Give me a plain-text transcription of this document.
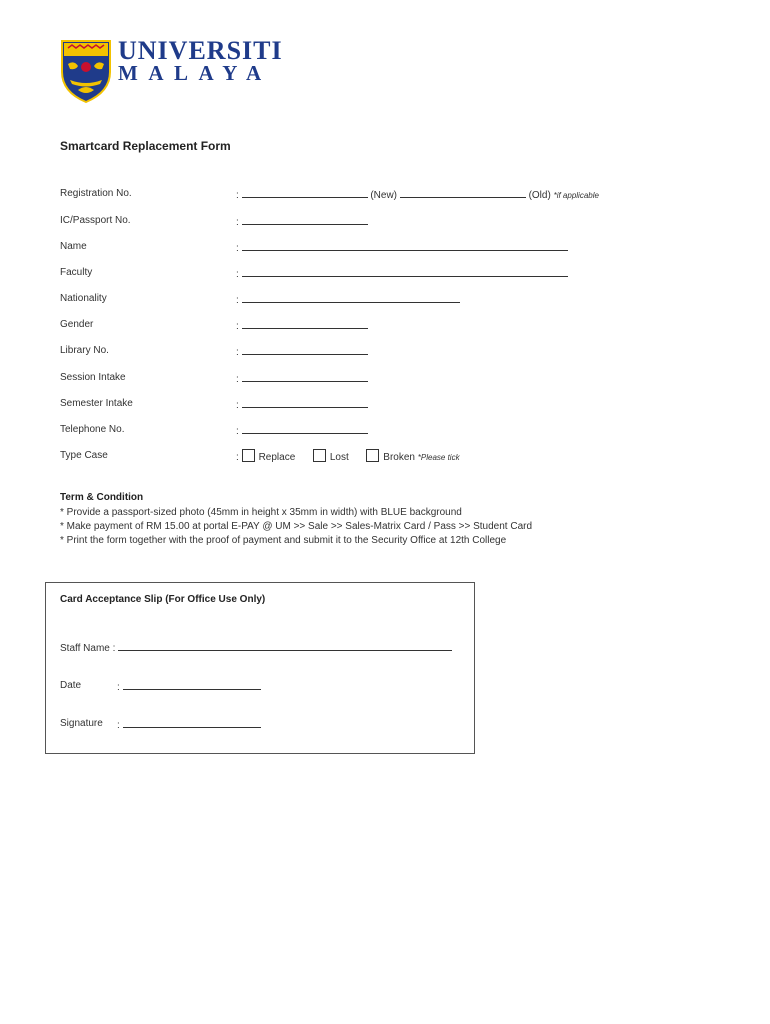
UNIVERSITI
MALAYA
Smartcard Replacement Form
Registration No.	:	(New)	(Old) *if applicable
IC/Passport No.	:
Name	:
Faculty	:
Nationality	:
Gender	:
Library No.	:
Session Intake	:
Semester Intake	:
Telephone No.	:
Type Case	: Replace	Lost	Broken *Please tick
Term & Condition
* Provide a passport-sized photo (45mm in height x 35mm in width) with BLUE background
* Make payment of RM 15.00 at portal E-PAY @ UM >> Sale >> Sales-Matrix Card / Pass >> Student Card
* Print the form together with the proof of payment and submit it to the Security Office at 12th College
Card Acceptance Slip (For Office Use Only)
Staff Name :
Date	:
Signature :
